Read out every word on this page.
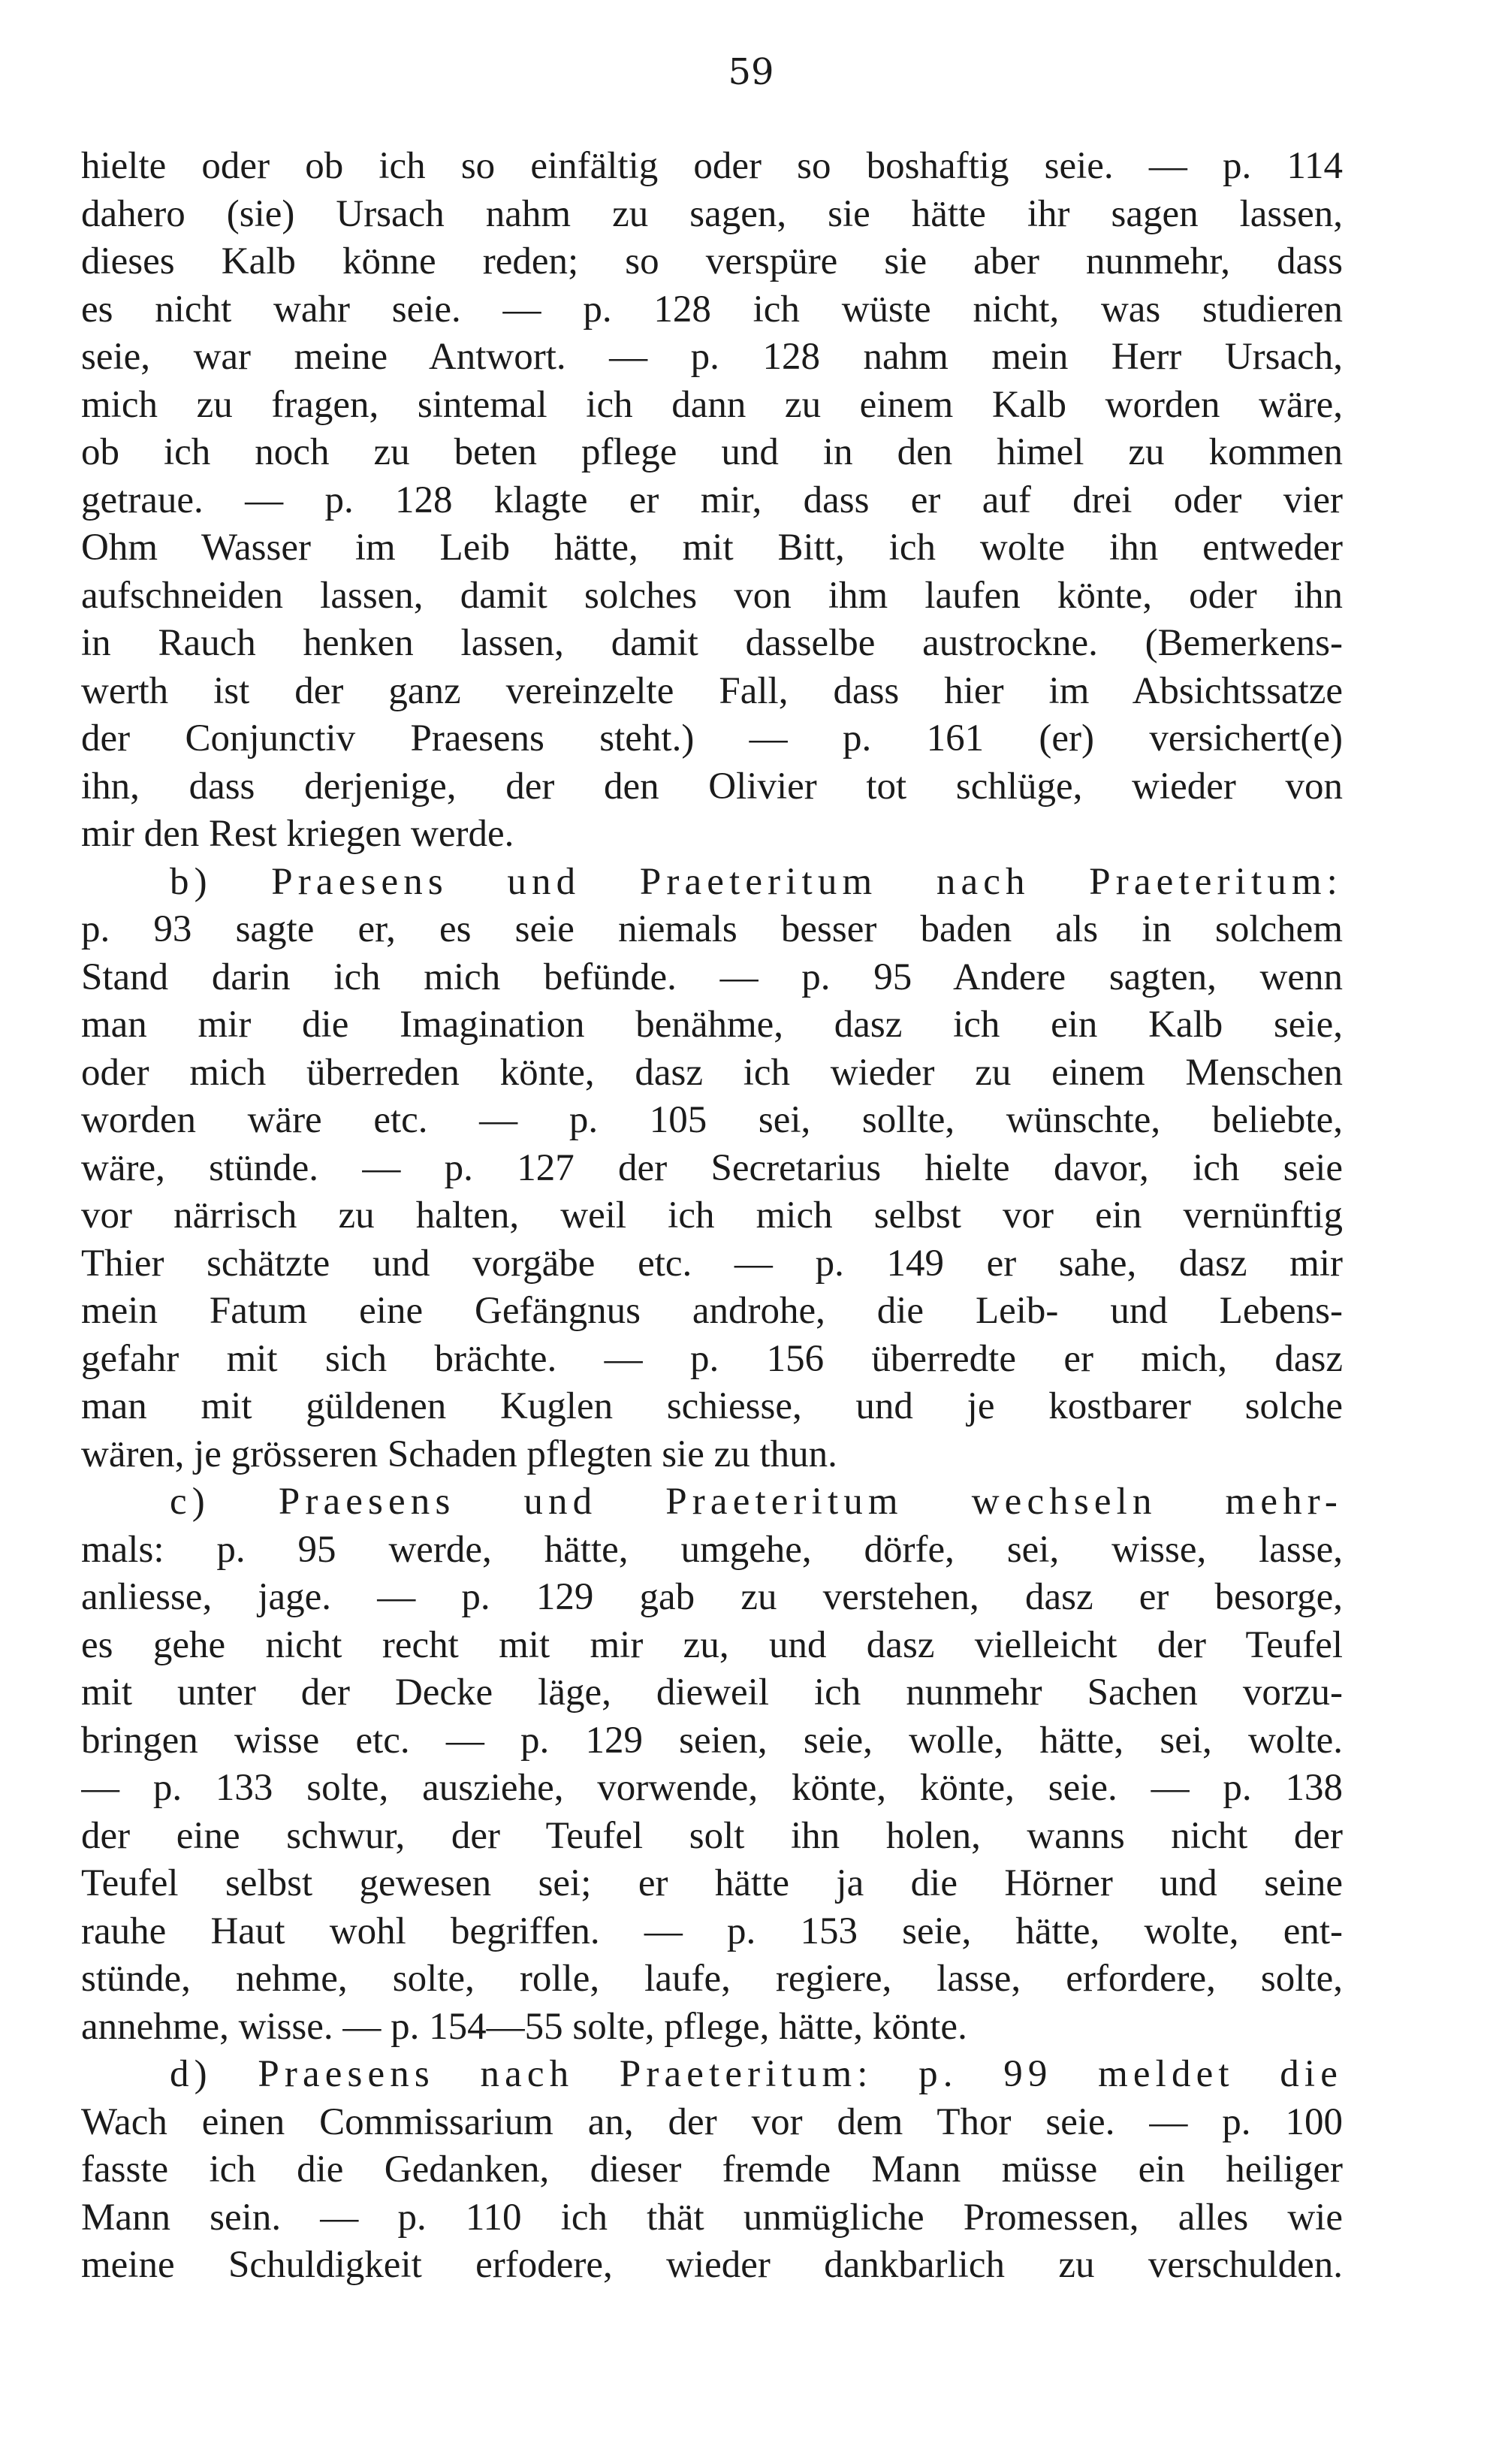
59
hielte oder ob ich so einfältig oder so boshaftig seie. — p. 114
dahero (sie) Ursach nahm zu sagen, sie hätte ihr sagen lassen,
dieses Kalb könne reden; so verspüre sie aber nunmehr, dass
es nicht wahr seie. — p. 128 ich wüste nicht, was studieren
seie, war meine Antwort. — p. 128 nahm mein Herr Ursach,
mich zu fragen, sintemal ich dann zu einem Kalb worden wäre,
ob ich noch zu beten pflege und in den himel zu kommen
getraue. — p. 128 klagte er mir, dass er auf drei oder vier
Ohm Wasser im Leib hätte, mit Bitt, ich wolte ihn entweder
aufschneiden lassen, damit solches von ihm laufen könte, oder ihn
in Rauch henken lassen, damit dasselbe austrockne. (Bemerkens-
werth ist der ganz vereinzelte Fall, dass hier im Absichtssatze
der Conjunctiv Praesens steht.) — p. 161 (er) versichert(e)
ihn, dass derjenige, der den Olivier tot schlüge, wieder von
mir den Rest kriegen werde.
b) Praesens und Praeteritum nach Praeteritum:
p. 93 sagte er, es seie niemals besser baden als in solchem
Stand darin ich mich befünde. — p. 95 Andere sagten, wenn
man mir die Imagination benähme, dasz ich ein Kalb seie,
oder mich überreden könte, dasz ich wieder zu einem Menschen
worden wäre etc. — p. 105 sei, sollte, wünschte, beliebte,
wäre, stünde. — p. 127 der Secretarius hielte davor, ich seie
vor närrisch zu halten, weil ich mich selbst vor ein vernünftig
Thier schätzte und vorgäbe etc. — p. 149 er sahe, dasz mir
mein Fatum eine Gefängnus androhe, die Leib- und Lebens-
gefahr mit sich brächte. — p. 156 überredte er mich, dasz
man mit güldenen Kuglen schiesse, und je kostbarer solche
wären, je grösseren Schaden pflegten sie zu thun.
c) Praesens und Praeteritum wechseln mehr-
mals: p. 95 werde, hätte, umgehe, dörfe, sei, wisse, lasse,
anliesse, jage. — p. 129 gab zu verstehen, dasz er besorge,
es gehe nicht recht mit mir zu, und dasz vielleicht der Teufel
mit unter der Decke läge, dieweil ich nunmehr Sachen vorzu-
bringen wisse etc. — p. 129 seien, seie, wolle, hätte, sei, wolte.
— p. 133 solte, ausziehe, vorwende, könte, könte, seie. — p. 138
der eine schwur, der Teufel solt ihn holen, wanns nicht der
Teufel selbst gewesen sei; er hätte ja die Hörner und seine
rauhe Haut wohl begriffen. — p. 153 seie, hätte, wolte, ent-
stünde, nehme, solte, rolle, laufe, regiere, lasse, erfordere, solte,
annehme, wisse. — p. 154—55 solte, pflege, hätte, könte.
d) Praesens nach Praeteritum: p. 99 meldet die
Wach einen Commissarium an, der vor dem Thor seie. — p. 100
fasste ich die Gedanken, dieser fremde Mann müsse ein heiliger
Mann sein. — p. 110 ich thät unmügliche Promessen, alles wie
meine Schuldigkeit erfodere, wieder dankbarlich zu verschulden.
